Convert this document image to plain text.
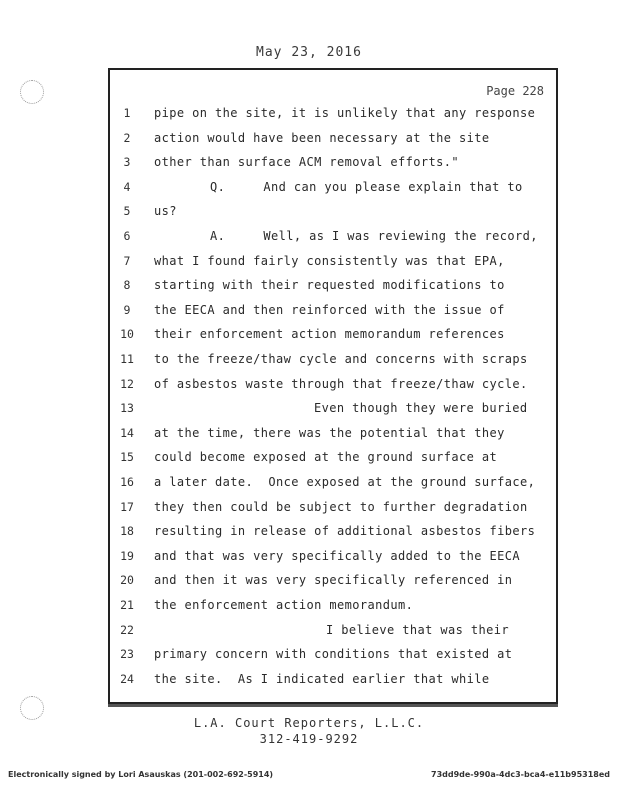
May 23, 2016
Page 228
1	pipe on the site, it is unlikely that any response
2	action would have been necessary at the site
3	other than surface ACM removal efforts."
4	Q.     And can you please explain that to
5	us?
6	A.     Well, as I was reviewing the record,
7	what I found fairly consistently was that EPA,
8	starting with their requested modifications to
9	the EECA and then reinforced with the issue of
10	their enforcement action memorandum references
11	to the freeze/thaw cycle and concerns with scraps
12	of asbestos waste through that freeze/thaw cycle.
13	Even though they were buried
14	at the time, there was the potential that they
15	could become exposed at the ground surface at
16	a later date.  Once exposed at the ground surface,
17	they then could be subject to further degradation
18	resulting in release of additional asbestos fibers
19	and that was very specifically added to the EECA
20	and then it was very specifically referenced in
21	the enforcement action memorandum.
22	I believe that was their
23	primary concern with conditions that existed at
24	the site.  As I indicated earlier that while
L.A. Court Reporters, L.L.C.
312-419-9292
Electronically signed by Lori Asauskas (201-002-692-5914)	73dd9de-990a-4dc3-bca4-e11b95318ed
